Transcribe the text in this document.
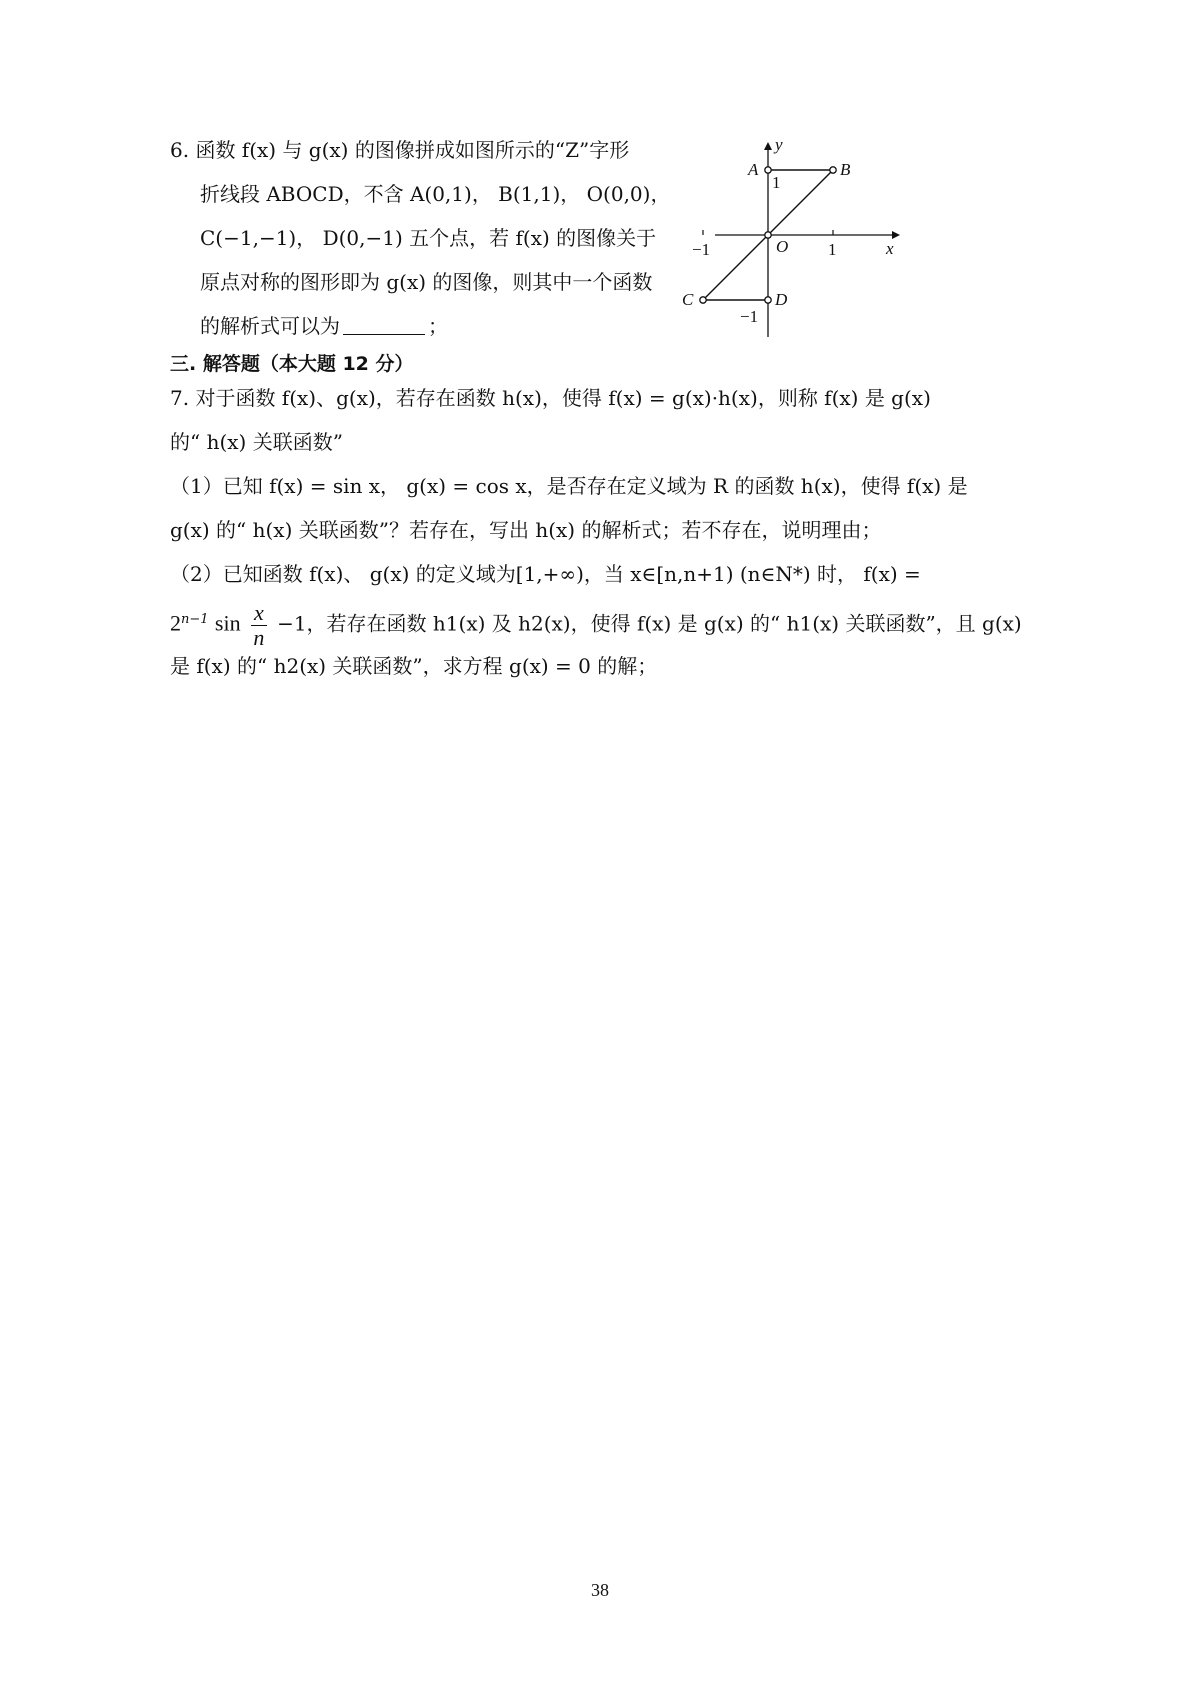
6. 函数 f(x) 与 g(x) 的图像拼成如图所示的“Z”字形
折线段 ABOCD，不含 A(0,1)， B(1,1)， O(0,0)，
C(−1,−1)， D(0,−1) 五个点，若 f(x) 的图像关于
原点对称的图形即为 g(x) 的图像，则其中一个函数
的解析式可以为	；
y
x
O
−1	1
1
−1
A	B
C	D
三. 解答题（本大题 12 分）
7. 对于函数 f(x)、g(x)，若存在函数 h(x)，使得 f(x) = g(x)·h(x)，则称 f(x) 是 g(x)
的“ h(x) 关联函数”
（1）已知 f(x) = sin x， g(x) = cos x，是否存在定义域为 R 的函数 h(x)，使得 f(x) 是
g(x) 的“ h(x) 关联函数”？若存在，写出 h(x) 的解析式；若不存在，说明理由；
（2）已知函数 f(x)、 g(x) 的定义域为[1,+∞)，当 x∈[n,n+1) (n∈N*) 时， f(x) =
$2^{n-1}$ $\sin \frac{x}{n} -1$，若存在函数 h1(x) 及 h2(x)，使得 f(x) 是 g(x) 的“ h1(x) 关联函数”，且 g(x)
是 f(x) 的“ h2(x) 关联函数”，求方程 g(x) = 0 的解；
38
